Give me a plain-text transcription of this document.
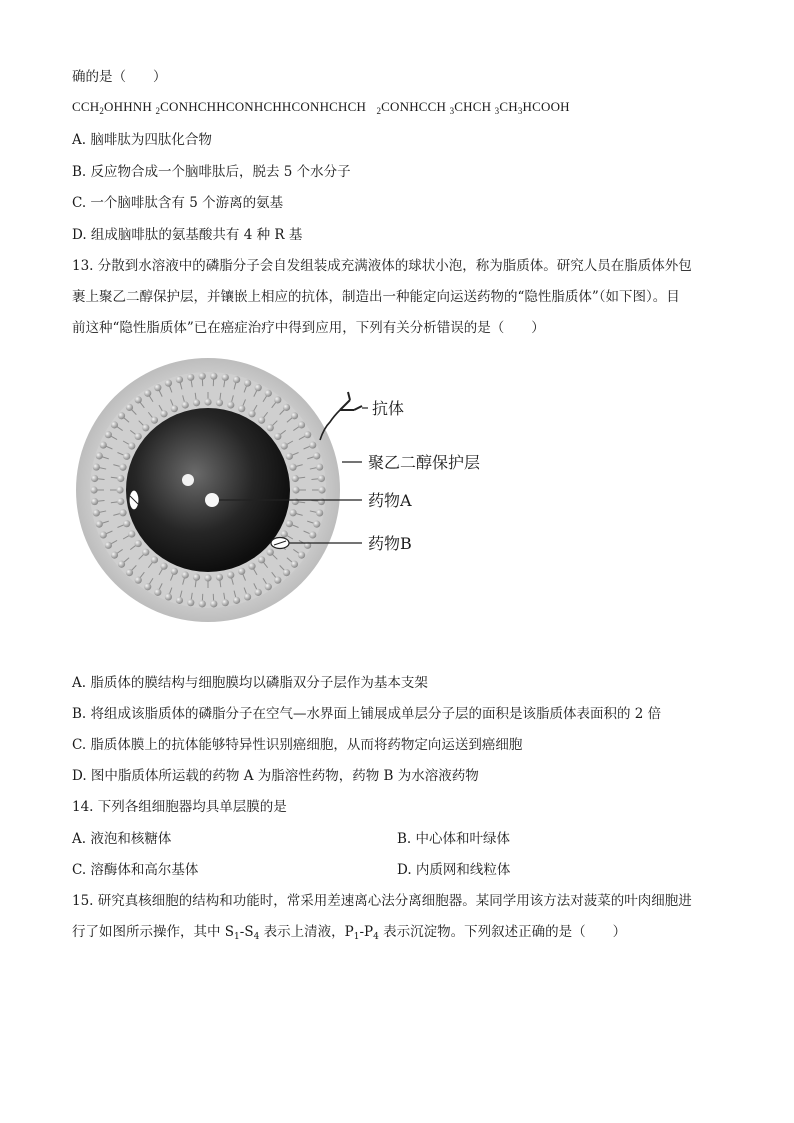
确的是（　　）
$CCH_2OHHNH$ $_2$CONHCHHCONHCHHCONHCHCH   $_2$CONHCCH $_3$CHCH $_3CH_3HCOOH$
A. 脑啡肽为四肽化合物
B. 反应物合成一个脑啡肽后，脱去 5 个水分子
C. 一个脑啡肽含有 5 个游离的氨基
D. 组成脑啡肽的氨基酸共有 4 种 R 基
13. 分散到水溶液中的磷脂分子会自发组装成充满液体的球状小泡，称为脂质体。研究人员在脂质体外包
裹上聚乙二醇保护层，并镶嵌上相应的抗体，制造出一种能定向运送药物的“隐性脂质体”（如下图）。目
前这种“隐性脂质体”已在癌症治疗中得到应用，下列有关分析错误的是（　　）
抗体
聚乙二醇保护层
药物A
药物B
A. 脂质体的膜结构与细胞膜均以磷脂双分子层作为基本支架
B. 将组成该脂质体的磷脂分子在空气—水界面上铺展成单层分子层的面积是该脂质体表面积的 2 倍
C. 脂质体膜上的抗体能够特异性识别癌细胞，从而将药物定向运送到癌细胞
D. 图中脂质体所运载的药物 A 为脂溶性药物，药物 B 为水溶液药物
14. 下列各组细胞器均具单层膜的是
A. 液泡和核糖体	B. 中心体和叶绿体
C. 溶酶体和高尔基体	D. 内质网和线粒体
15. 研究真核细胞的结构和功能时，常采用差速离心法分离细胞器。某同学用该方法对菠菜的叶肉细胞进
行了如图所示操作，其中 $S_1-S_4$ 表示上清液，$P_1-P_4$ 表示沉淀物。下列叙述正确的是（　　）
